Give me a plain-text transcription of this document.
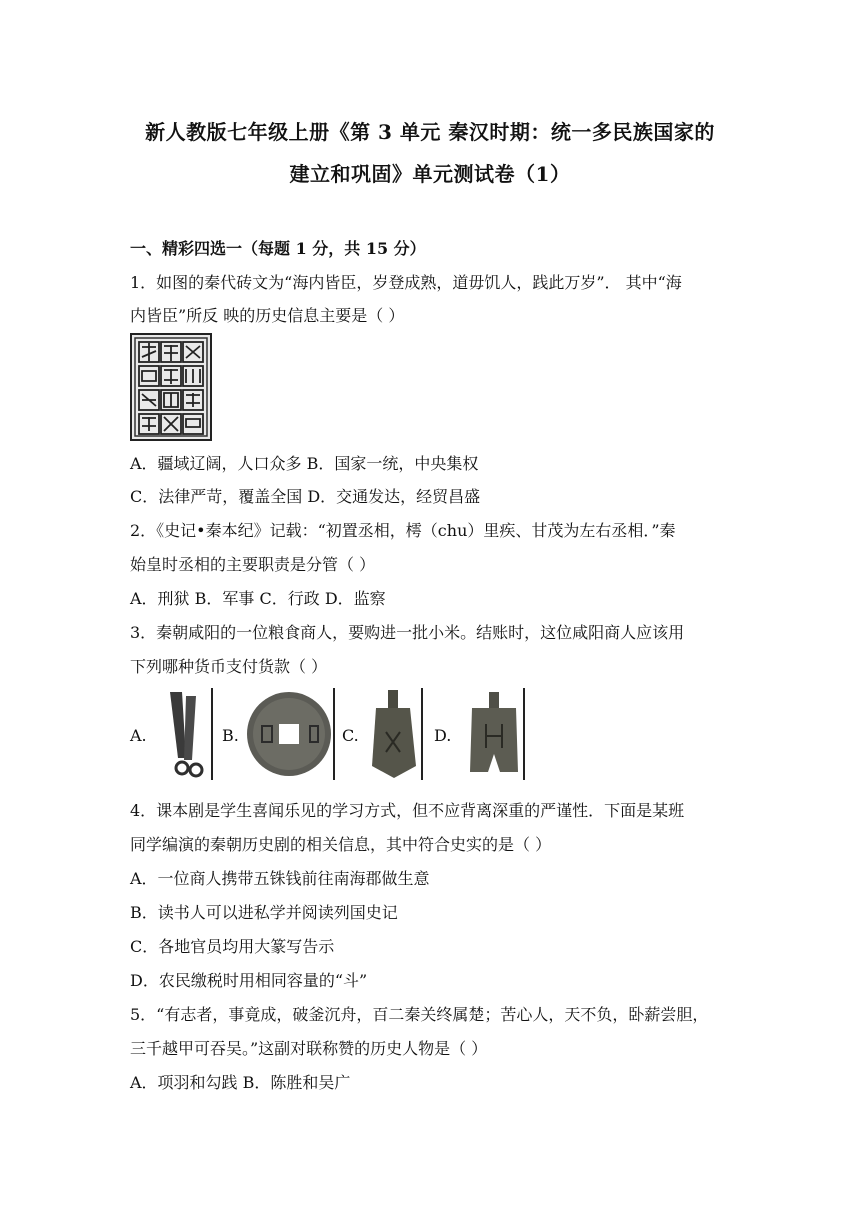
新人教版七年级上册《第 3 单元 秦汉时期：统一多民族国家的
建立和巩固》单元测试卷（1）
一、精彩四选一（每题 1 分，共 15 分）
1．如图的秦代砖文为“海内皆臣，岁登成熟，道毋饥人，践此万岁”． 其中“海
内皆臣”所反 映的历史信息主要是（ ）
A．疆域辽阔，人口众多 B．国家一统，中央集权
C．法律严苛，覆盖全国 D．交通发达，经贸昌盛
2．《史记•秦本纪》记载：“初置丞相，樗（chu）里疾、甘茂为左右丞相．”秦
始皇时丞相的主要职责是分管（ ）
A．刑狱 B．军事 C．行政 D．监察
3．秦朝咸阳的一位粮食商人，要购进一批小米。结账时，这位咸阳商人应该用
下列哪种货币支付货款（ ）
A.	B.	C.	D.
4．课本剧是学生喜闻乐见的学习方式，但不应背离深重的严谨性．下面是某班
同学编演的秦朝历史剧的相关信息，其中符合史实的是（ ）
A．一位商人携带五铢钱前往南海郡做生意
B．读书人可以进私学并阅读列国史记
C．各地官员均用大篆写告示
D．农民缴税时用相同容量的“斗”
5．“有志者，事竟成，破釜沉舟，百二秦关终属楚；苦心人，天不负，卧薪尝胆，
三千越甲可吞吴。”这副对联称赞的历史人物是（ ）
A．项羽和勾践 B．陈胜和吴广
